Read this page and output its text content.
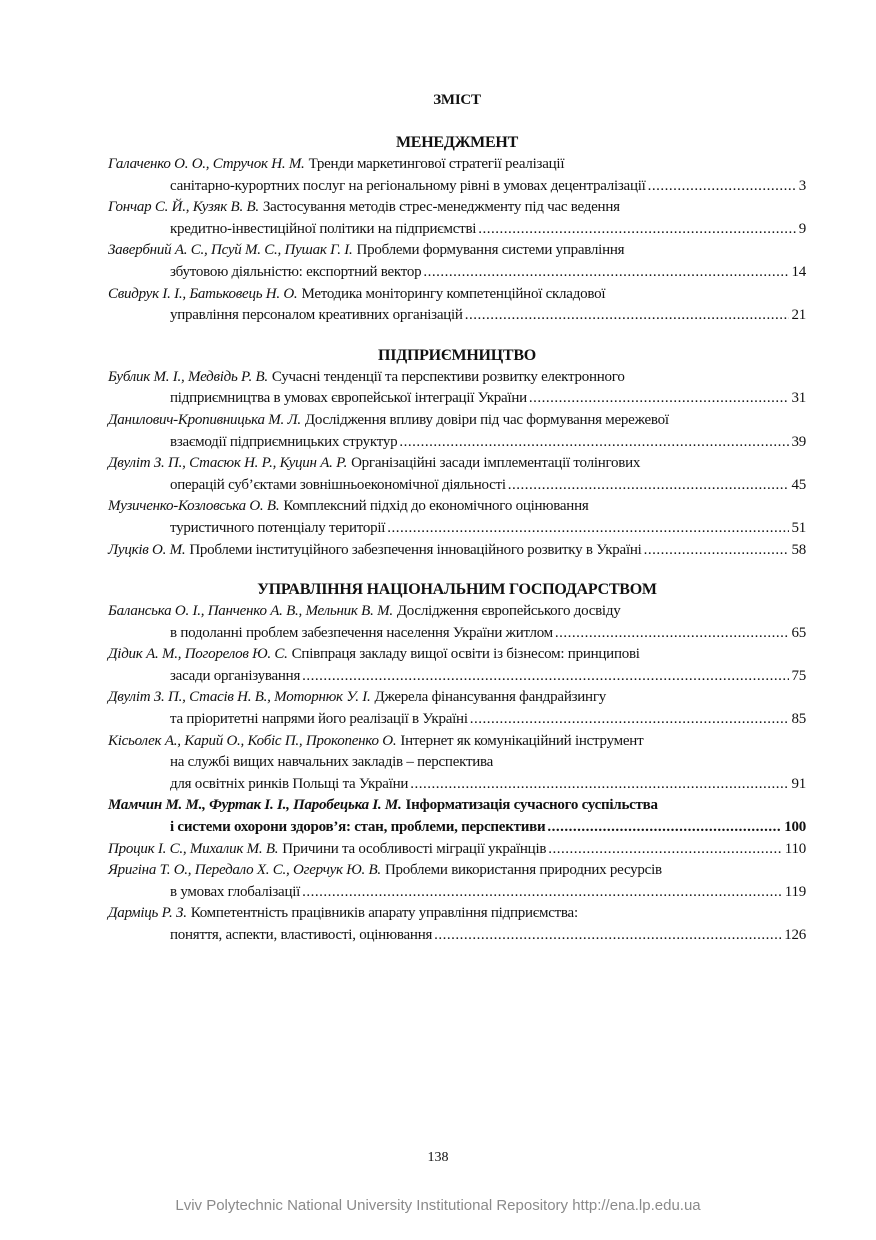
ЗМІСТ
МЕНЕДЖМЕНТ
Галаченко О. О., Стручок Н. М. Тренди маркетингової стратегії реалізації
санітарно-курортних послуг на регіональному рівні в умовах децентралізації .....	3
Гончар С. Й., Кузяк В. В. Застосування методів стрес-менеджменту під час ведення
кредитно-інвестиційної політики на підприємстві .....	9
Завербний А. С., Псуй М. С., Пушак Г. І. Проблеми формування системи управління
збутовою діяльністю: експортний вектор .....	14
Свидрук І. І., Батьковець Н. О. Методика моніторингу компетенційної складової
управління персоналом креативних організацій .....	21
ПІДПРИЄМНИЦТВО
Бублик М. І., Медвідь Р. В. Сучасні тенденції та перспективи розвитку електронного
підприємництва в умовах європейської інтеграції України .....	31
Данилович-Кропивницька М. Л. Дослідження впливу довіри під час формування мережевої
взаємодії підприємницьких структур .....	39
Двуліт З. П., Стасюк Н. Р., Куцин А. Р. Організаційні засади імплементації толінгових
операцій суб’єктами зовнішньоекономічної діяльності .....	45
Музиченко-Козловська О. В. Комплексний підхід до економічного оцінювання
туристичного потенціалу території .....	51
Луцків О. М. Проблеми інституційного забезпечення інноваційного розвитку в Україні .....	58
УПРАВЛІННЯ НАЦІОНАЛЬНИМ ГОСПОДАРСТВОМ
Баланська О. І., Панченко А. В., Мельник В. М. Дослідження європейського досвіду
в подоланні проблем забезпечення населення України житлом .....	65
Дідик А. М., Погорелов Ю. С. Співпраця закладу вищої освіти із бізнесом: принципові
засади організування .....	75
Двуліт З. П., Стасів Н. В., Моторнюк У. І. Джерела фінансування фандрайзингу
та пріоритетні напрями його реалізації в Україні .....	85
Кісьолек А., Карий О., Кобіс П., Прокопенко О. Інтернет як комунікаційний інструмент
на службі вищих навчальних закладів – перспектива
для освітніх ринків Польщі та України .....	91
Мамчин М. М., Фуртак І. І., Паробецька І. М. Інформатизація сучасного суспільства
і системи охорони здоров’я: стан, проблеми, перспективи .....	100
Процик І. С., Михалик М. В. Причини та особливості міграції українців .....	110
Яригіна Т. О., Передало Х. С., Огерчук Ю. В. Проблеми використання природних ресурсів
в умовах глобалізації .....	119
Дарміць Р. З. Компетентність працівників апарату управління підприємства:
поняття, аспекти, властивості, оцінювання .....	126
138
Lviv Polytechnic National University Institutional Repository http://ena.lp.edu.ua
